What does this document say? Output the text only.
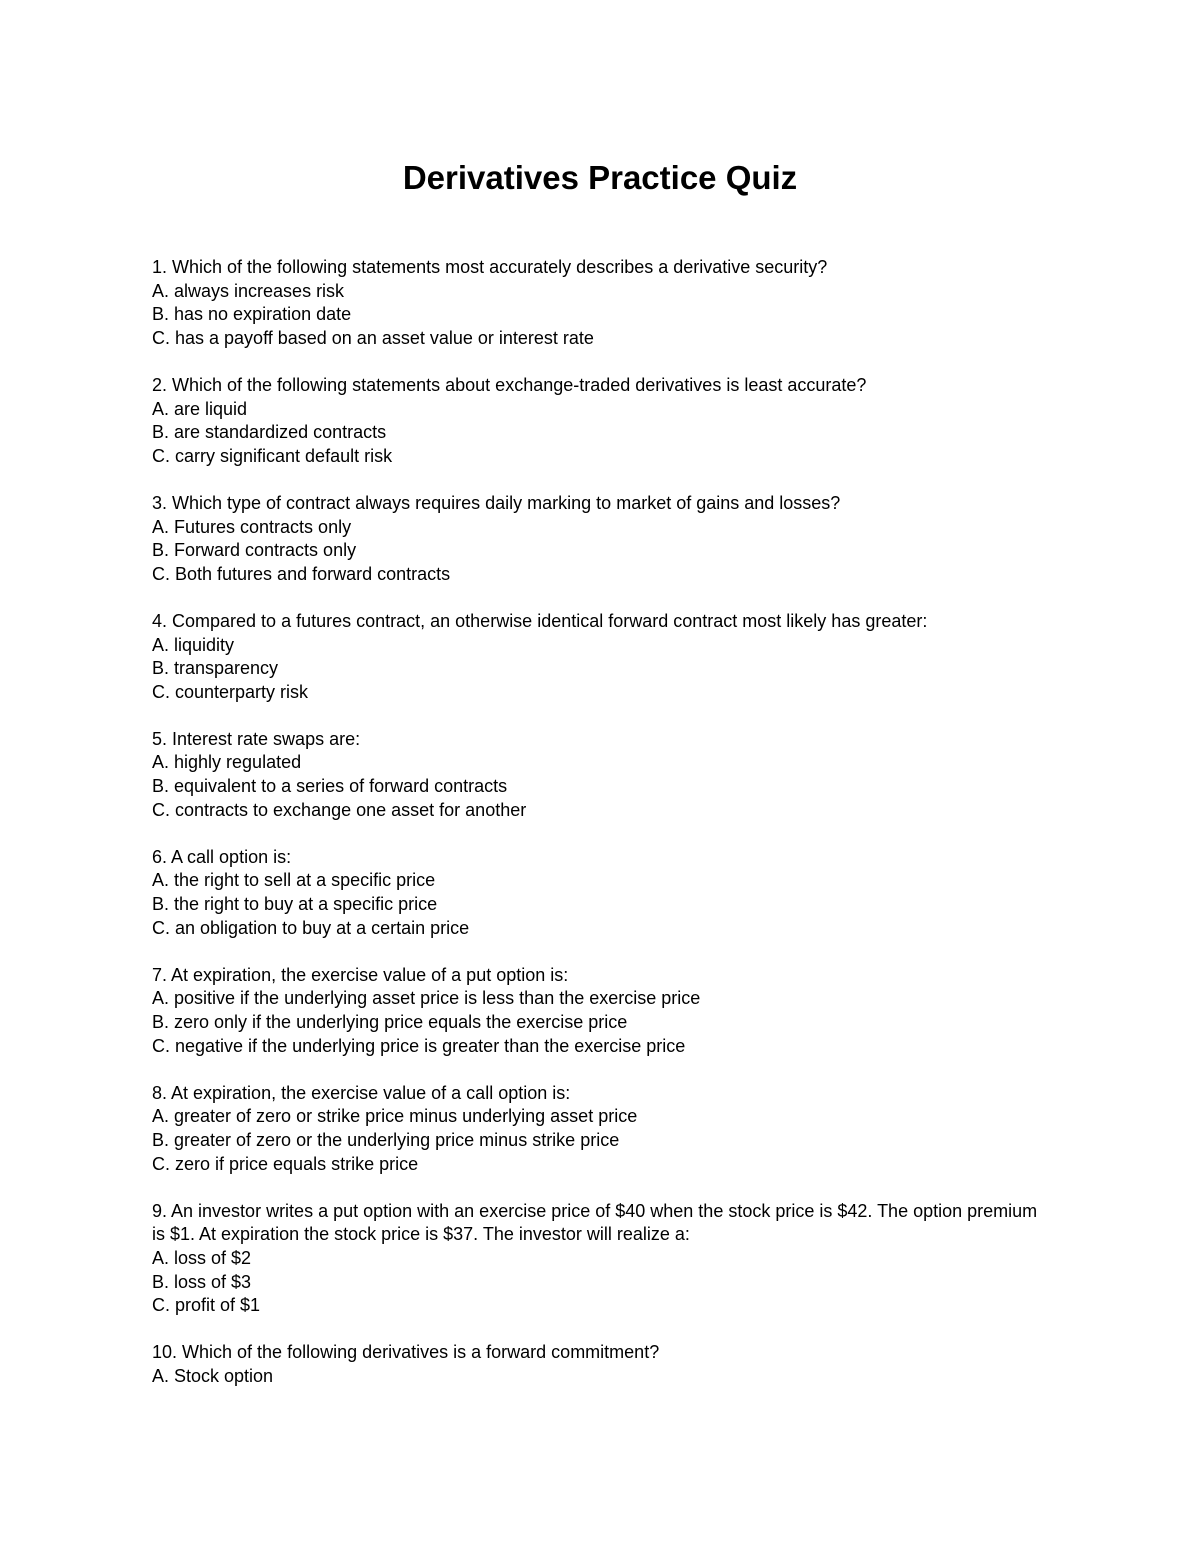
Derivatives Practice Quiz
1. Which of the following statements most accurately describes a derivative security?
A. always increases risk
B. has no expiration date
C. has a payoff based on an asset value or interest rate
2. Which of the following statements about exchange-traded derivatives is least accurate?
A. are liquid
B. are standardized contracts
C. carry significant default risk
3. Which type of contract always requires daily marking to market of gains and losses?
A. Futures contracts only
B. Forward contracts only
C. Both futures and forward contracts
4. Compared to a futures contract, an otherwise identical forward contract most likely has greater:
A. liquidity
B. transparency
C. counterparty risk
5. Interest rate swaps are:
A. highly regulated
B. equivalent to a series of forward contracts
C. contracts to exchange one asset for another
6. A call option is:
A. the right to sell at a specific price
B. the right to buy at a specific price
C. an obligation to buy at a certain price
7. At expiration, the exercise value of a put option is:
A. positive if the underlying asset price is less than the exercise price
B. zero only if the underlying price equals the exercise price
C. negative if the underlying price is greater than the exercise price
8. At expiration, the exercise value of a call option is:
A. greater of zero or strike price minus underlying asset price
B. greater of zero or the underlying price minus strike price
C. zero if price equals strike price
9. An investor writes a put option with an exercise price of $40 when the stock price is $42. The option premium is $1. At expiration the stock price is $37. The investor will realize a:
A. loss of $2
B. loss of $3
C. profit of $1
10. Which of the following derivatives is a forward commitment?
A. Stock option
